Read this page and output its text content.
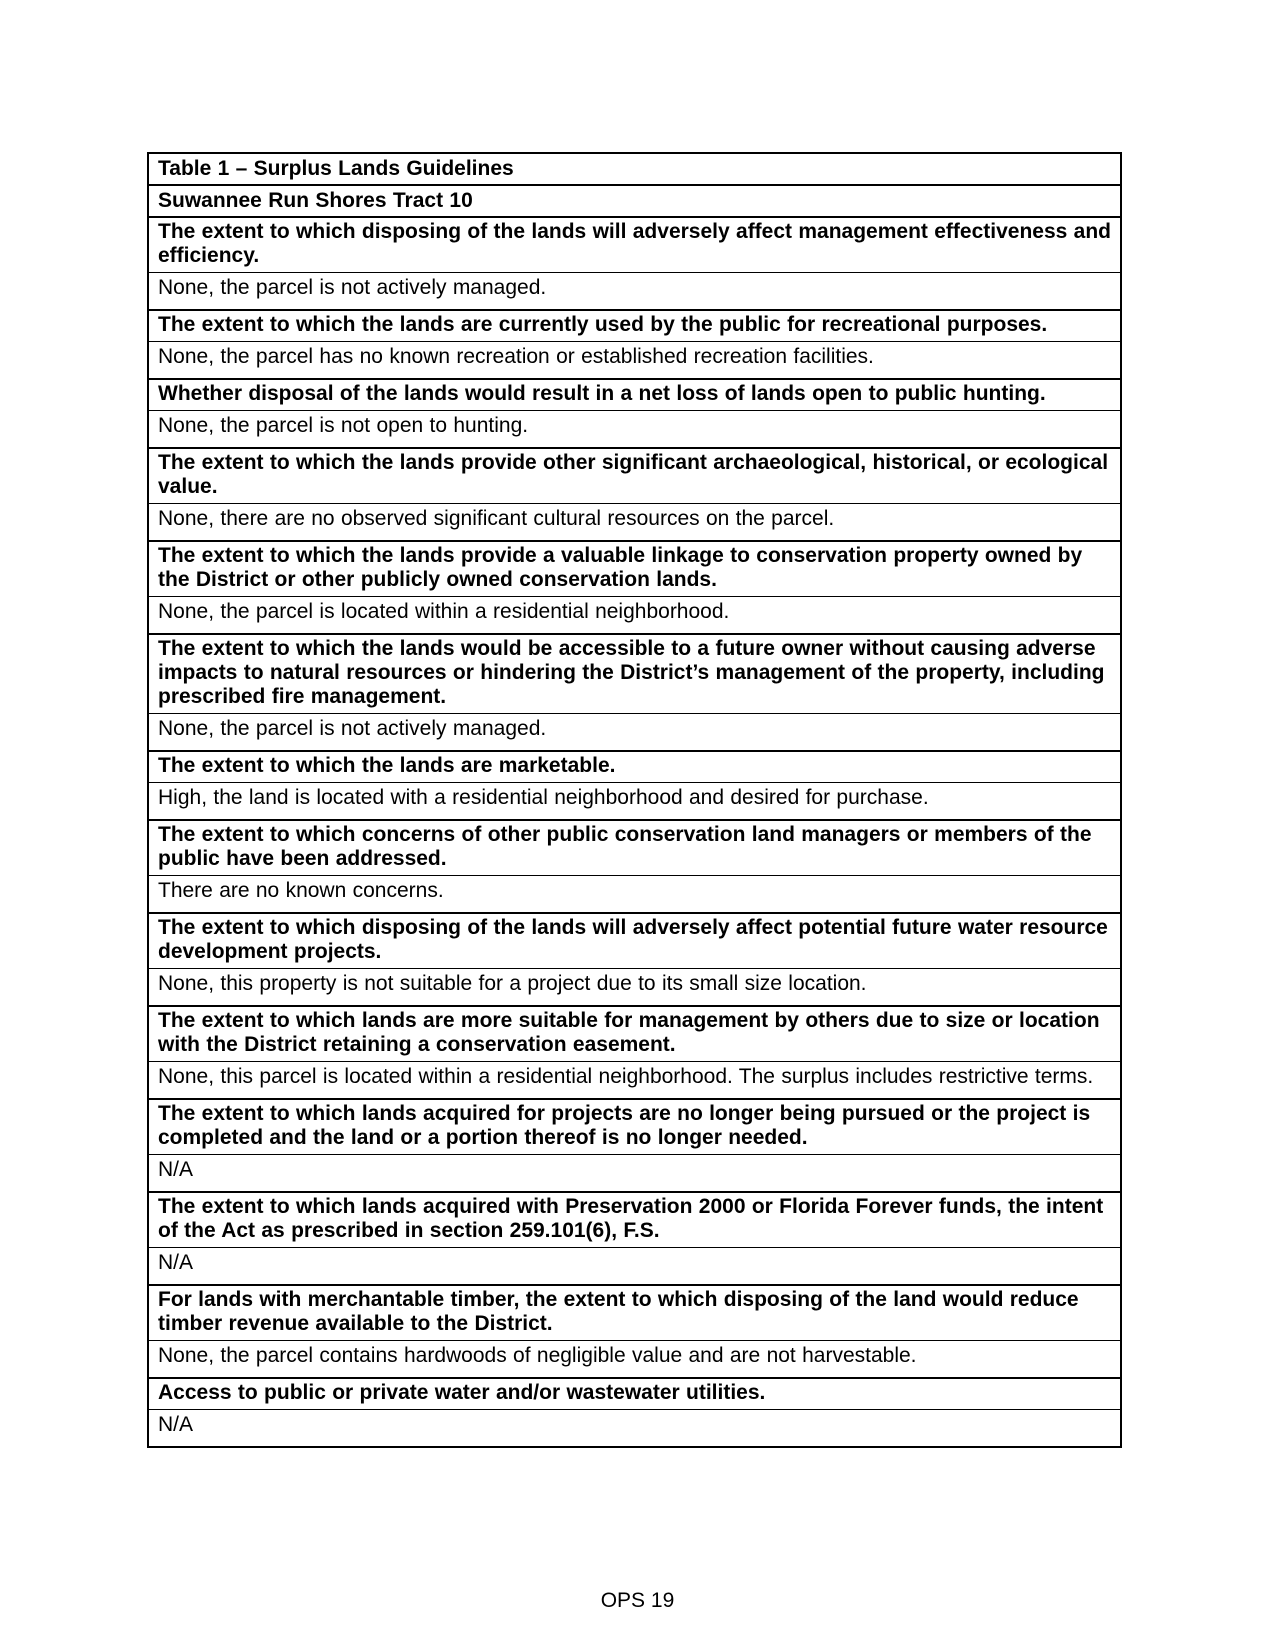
Table 1 – Surplus Lands Guidelines
Suwannee Run Shores Tract 10
The extent to which disposing of the lands will adversely affect management effectiveness and efficiency.
None, the parcel is not actively managed.
The extent to which the lands are currently used by the public for recreational purposes.
None, the parcel has no known recreation or established recreation facilities.
Whether disposal of the lands would result in a net loss of lands open to public hunting.
None, the parcel is not open to hunting.
The extent to which the lands provide other significant archaeological, historical, or ecological value.
None, there are no observed significant cultural resources on the parcel.
The extent to which the lands provide a valuable linkage to conservation property owned by the District or other publicly owned conservation lands.
None, the parcel is located within a residential neighborhood.
The extent to which the lands would be accessible to a future owner without causing adverse impacts to natural resources or hindering the District’s management of the property, including prescribed fire management.
None, the parcel is not actively managed.
The extent to which the lands are marketable.
High, the land is located with a residential neighborhood and desired for purchase.
The extent to which concerns of other public conservation land managers or members of the public have been addressed.
There are no known concerns.
The extent to which disposing of the lands will adversely affect potential future water resource development projects.
None, this property is not suitable for a project due to its small size location.
The extent to which lands are more suitable for management by others due to size or location with the District retaining a conservation easement.
None, this parcel is located within a residential neighborhood. The surplus includes restrictive terms.
The extent to which lands acquired for projects are no longer being pursued or the project is completed and the land or a portion thereof is no longer needed.
N/A
The extent to which lands acquired with Preservation 2000 or Florida Forever funds, the intent of the Act as prescribed in section 259.101(6), F.S.
N/A
For lands with merchantable timber, the extent to which disposing of the land would reduce timber revenue available to the District.
None, the parcel contains hardwoods of negligible value and are not harvestable.
Access to public or private water and/or wastewater utilities.
N/A
OPS 19
